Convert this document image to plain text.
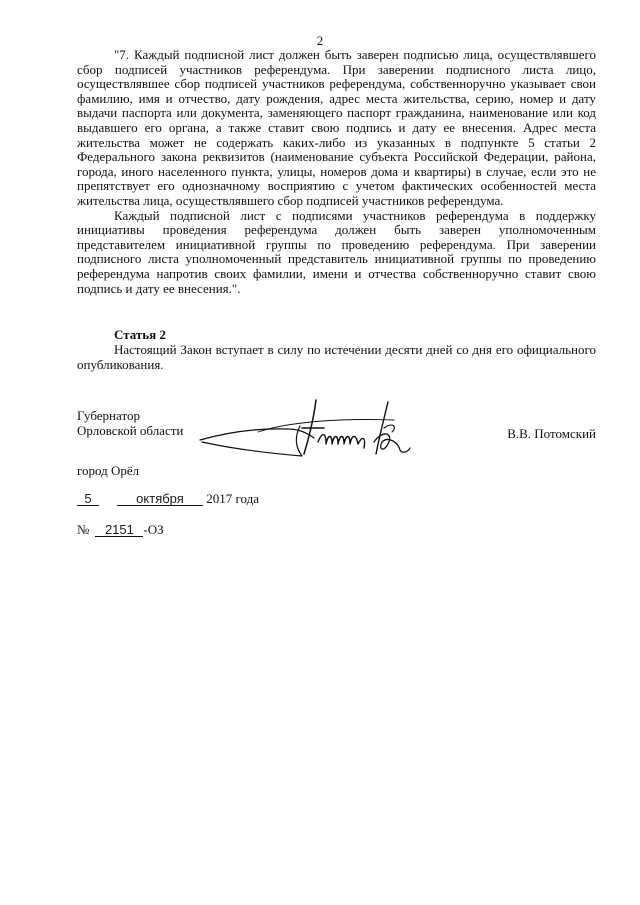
2

"7. Каждый подписной лист должен быть заверен подписью лица, осуществлявшего сбор подписей участников референдума. При заверении подписного листа лицо, осуществлявшее сбор подписей участников референдума, собственноручно указывает свои фамилию, имя и отчество, дату рождения, адрес места жительства, серию, номер и дату выдачи паспорта или документа, заменяющего паспорт гражданина, наименование или код выдавшего его органа, а также ставит свою подпись и дату ее внесения. Адрес места жительства может не содержать каких-либо из указанных в подпункте 5 статьи 2 Федерального закона реквизитов (наименование субъекта Российской Федерации, района, города, иного населенного пункта, улицы, номеров дома и квартиры) в случае, если это не препятствует его однозначному восприятию с учетом фактических особенностей места жительства лица, осуществлявшего сбор подписей участников референдума.

Каждый подписной лист с подписями участников референдума в поддержку инициативы проведения референдума должен быть заверен уполномоченным представителем инициативной группы по проведению референдума. При заверении подписного листа уполномоченный представитель инициативной группы по проведению референдума напротив своих фамилии, имени и отчества собственноручно ставит свою подпись и дату ее внесения.".

Статья 2
Настоящий Закон вступает в силу по истечении десяти дней со дня его официального опубликования.
Губернатор
Орловской области	В.В. Потомский
город Орёл
5	октября 2017 года
№ 2151 -ОЗ
